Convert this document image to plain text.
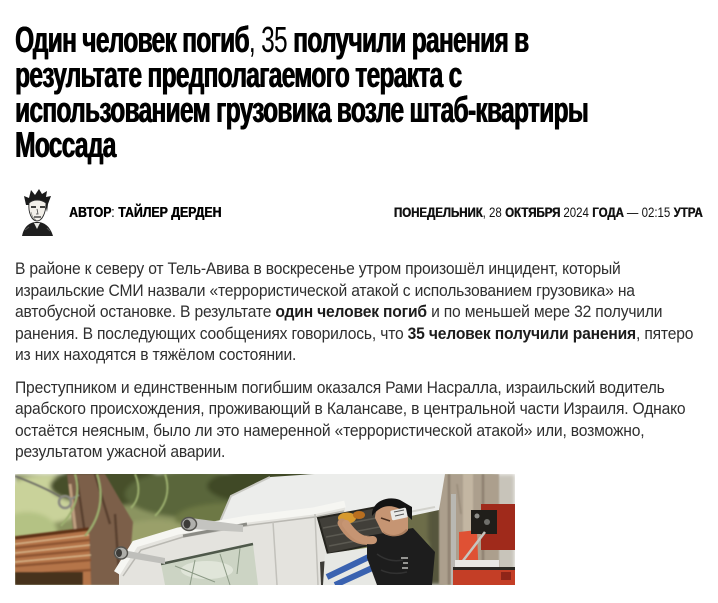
Один человек погиб, 35 получили ранения в
результате предполагаемого теракта с
использованием грузовика возле штаб-квартиры
Моссада
АВТОР: ТАЙЛЕР ДЕРДЕН	ПОНЕДЕЛЬНИК, 28 ОКТЯБРЯ 2024 ГОДА — 02:15 УТРА

В районе к северу от Тель-Авива в воскресенье утром произошёл инцидент, который израильские СМИ назвали «террористической атакой с использованием грузовика» на автобусной остановке. В результате один человек погиб и по меньшей мере 32 получили ранения. В последующих сообщениях говорилось, что 35 человек получили ранения, пятеро из них находятся в тяжёлом состоянии.

Преступником и единственным погибшим оказался Рами Насралла, израильский водитель арабского происхождения, проживающий в Калансаве, в центральной части Израиля. Однако остаётся неясным, было ли это намеренной «террористической атакой» или, возможно, результатом ужасной аварии.
